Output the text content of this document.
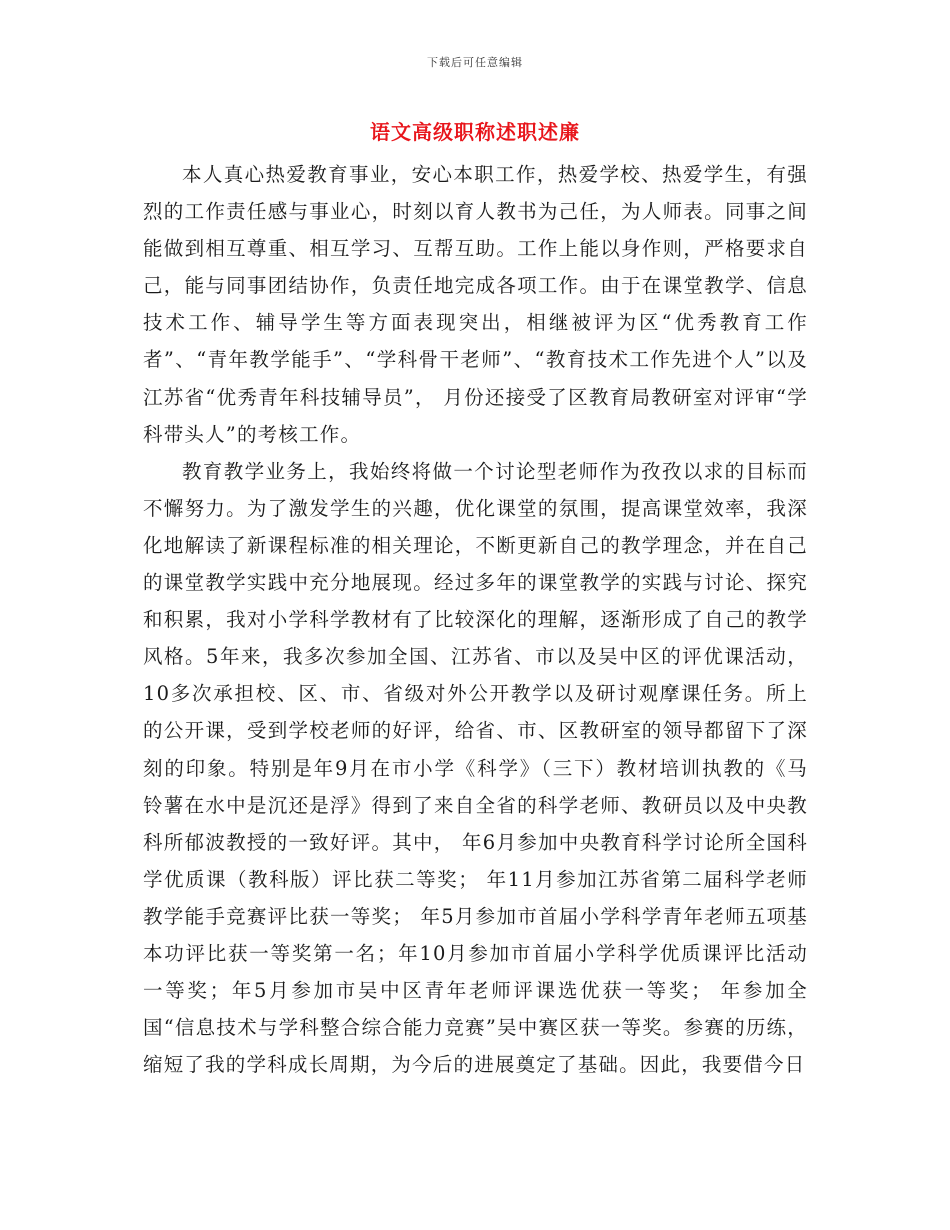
下载后可任意编辑
语文高级职称述职述廉

本人真心热爱教育事业，安心本职工作，热爱学校、热爱学生，有强烈的工作责任感与事业心，时刻以育人教书为己任，为人师表。同事之间能做到相互尊重、相互学习、互帮互助。工作上能以身作则，严格要求自己，能与同事团结协作，负责任地完成各项工作。由于在课堂教学、信息技术工作、辅导学生等方面表现突出，相继被评为区“优秀教育工作者”、“青年教学能手”、“学科骨干老师”、“教育技术工作先进个人”以及江苏省“优秀青年科技辅导员”， 月份还接受了区教育局教研室对评审“学科带头人”的考核工作。

教育教学业务上，我始终将做一个讨论型老师作为孜孜以求的目标而不懈努力。为了激发学生的兴趣，优化课堂的氛围，提高课堂效率，我深化地解读了新课程标准的相关理论，不断更新自己的教学理念，并在自己的课堂教学实践中充分地展现。经过多年的课堂教学的实践与讨论、探究和积累，我对小学科学教材有了比较深化的理解，逐渐形成了自己的教学风格。5年来，我多次参加全国、江苏省、市以及吴中区的评优课活动，10多次承担校、区、市、省级对外公开教学以及研讨观摩课任务。所上的公开课，受到学校老师的好评，给省、市、区教研室的领导都留下了深刻的印象。特别是年9月在市小学《科学》（三下）教材培训执教的《马铃薯在水中是沉还是浮》得到了来自全省的科学老师、教研员以及中央教科所郁波教授的一致好评。其中， 年6月参加中央教育科学讨论所全国科学优质课（教科版）评比获二等奖； 年11月参加江苏省第二届科学老师教学能手竞赛评比获一等奖； 年5月参加市首届小学科学青年老师五项基本功评比获一等奖第一名；年10月参加市首届小学科学优质课评比活动一等奖；年5月参加市吴中区青年老师评课选优获一等奖； 年参加全国“信息技术与学科整合综合能力竞赛”吴中赛区获一等奖。参赛的历练，缩短了我的学科成长周期，为今后的进展奠定了基础。因此，我要借今日
